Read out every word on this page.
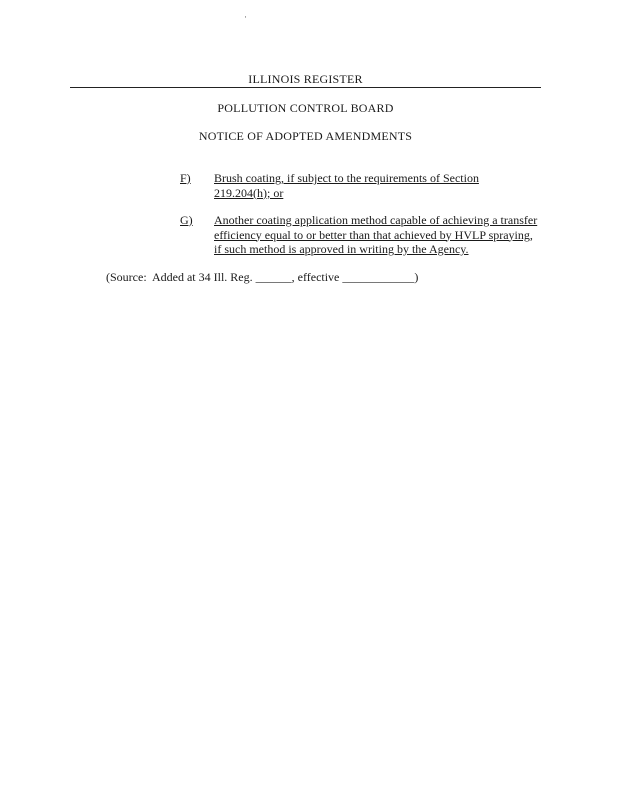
·
ILLINOIS REGISTER
POLLUTION CONTROL BOARD
NOTICE OF ADOPTED AMENDMENTS
F) Brush coating, if subject to the requirements of Section
219.204(h); or
G) Another coating application method capable of achieving a transfer
efficiency equal to or better than that achieved by HVLP spraying,
if such method is approved in writing by the Agency.
(Source:  Added at 34 Ill. Reg. ______, effective ____________)
